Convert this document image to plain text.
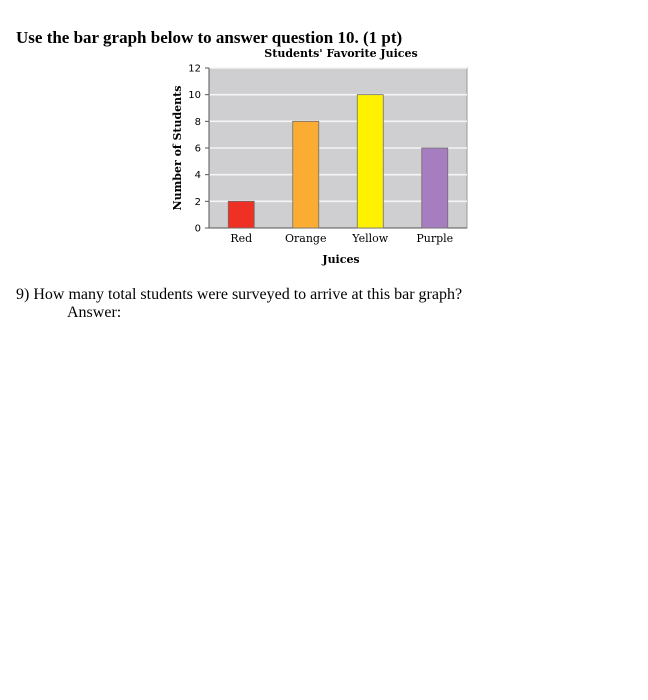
Use the bar graph below to answer question 10. (1 pt)
Students' Favorite Juices
Number of Students
Juices
0
2
4
6
8
10
12
Red	Orange Yellow	Purple
9) How many total students were surveyed to arrive at this bar graph?
Answer:
